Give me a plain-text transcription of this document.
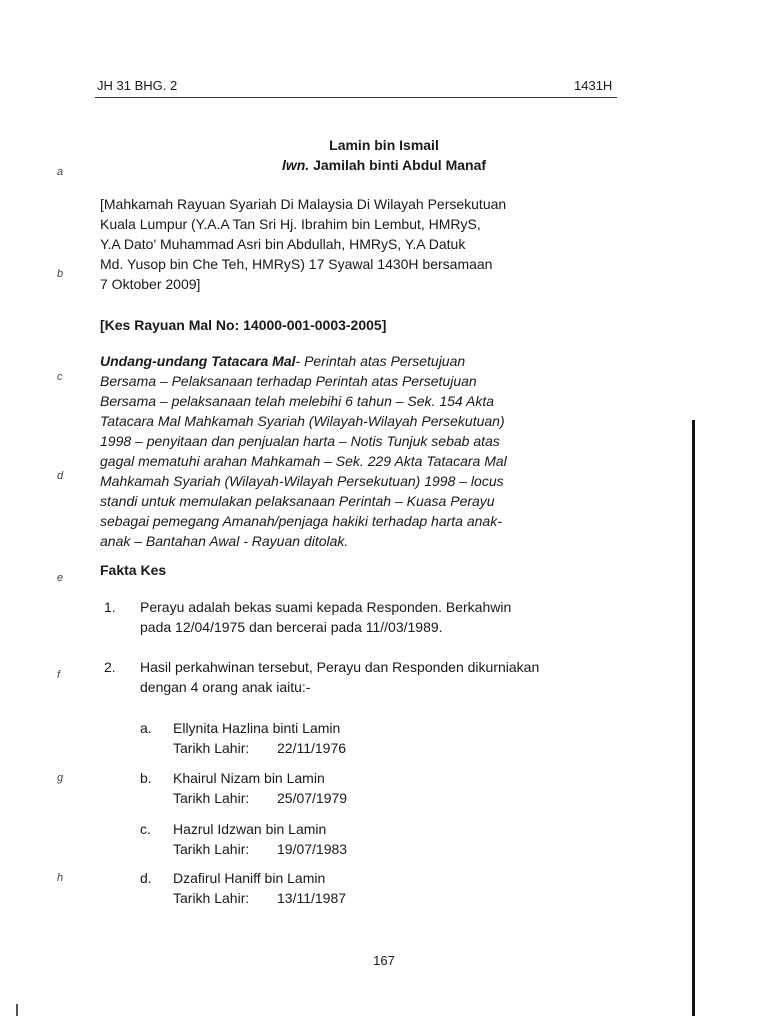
JH 31 BHG. 2	1431H
a
b
c
d
e
f
g
h
Lamin bin Ismail
lwn. Jamilah binti Abdul Manaf
[Mahkamah Rayuan Syariah Di Malaysia Di Wilayah Persekutuan
Kuala Lumpur (Y.A.A Tan Sri Hj. Ibrahim bin Lembut, HMRyS,
Y.A Dato' Muhammad Asri bin Abdullah, HMRyS, Y.A Datuk
Md. Yusop bin Che Teh, HMRyS) 17 Syawal 1430H bersamaan
7 Oktober 2009]
[Kes Rayuan Mal No: 14000-001-0003-2005]
Undang-undang Tatacara Mal- Perintah atas Persetujuan
Bersama – Pelaksanaan terhadap Perintah atas Persetujuan
Bersama – pelaksanaan telah melebihi 6 tahun – Sek. 154 Akta
Tatacara Mal Mahkamah Syariah (Wilayah-Wilayah Persekutuan)
1998 – penyitaan dan penjualan harta – Notis Tunjuk sebab atas
gagal mematuhi arahan Mahkamah – Sek. 229 Akta Tatacara Mal
Mahkamah Syariah (Wilayah-Wilayah Persekutuan) 1998 – locus
standi untuk memulakan pelaksanaan Perintah – Kuasa Perayu
sebagai pemegang Amanah/penjaga hakiki terhadap harta anak-
anak – Bantahan Awal - Rayuan ditolak.
Fakta Kes
1. Perayu adalah bekas suami kepada Responden. Berkahwin
pada 12/04/1975 dan bercerai pada 11//03/1989.
2. Hasil perkahwinan tersebut, Perayu dan Responden dikurniakan
dengan 4 orang anak iaitu:-
a. Ellynita Hazlina binti Lamin
Tarikh Lahir: 22/11/1976
b. Khairul Nizam bin Lamin
Tarikh Lahir: 25/07/1979
c. Hazrul Idzwan bin Lamin
Tarikh Lahir: 19/07/1983
d. Dzafirul Haniff bin Lamin
Tarikh Lahir: 13/11/1987
167
